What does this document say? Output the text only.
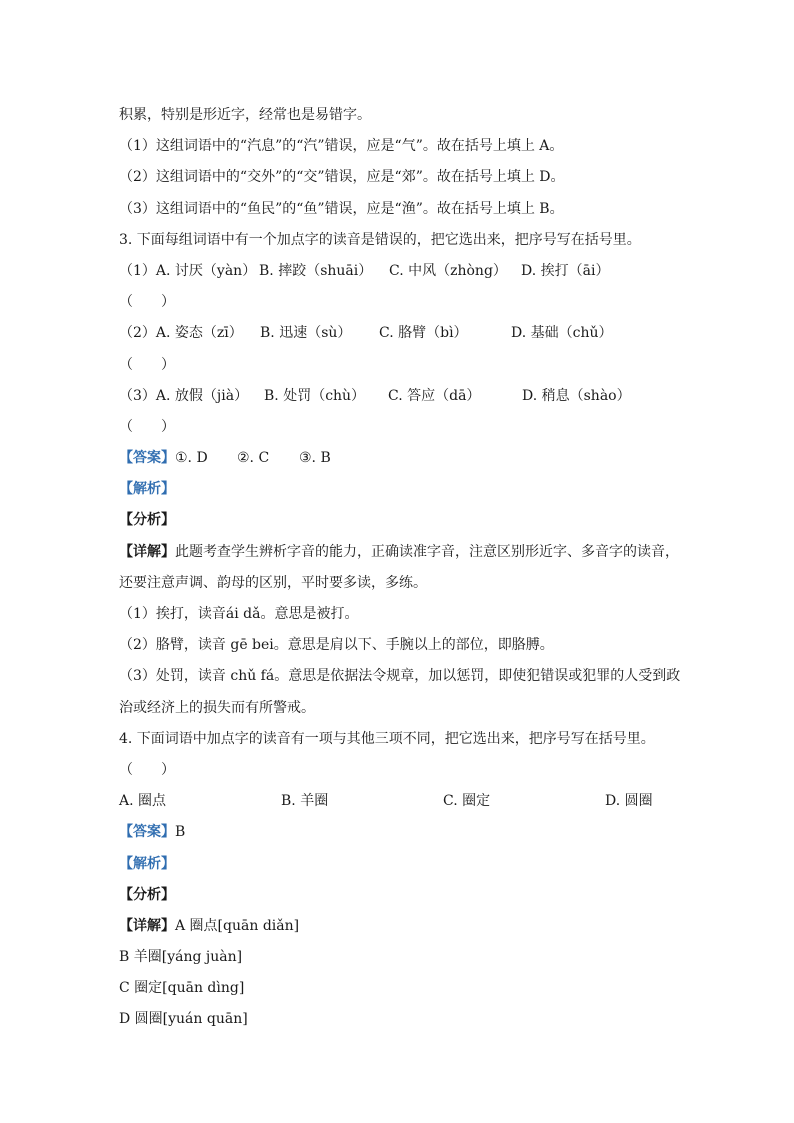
积累，特别是形近字，经常也是易错字。
（1）这组词语中的“汽息”的“汽”错误，应是“气”。故在括号上填上 A。
（2）这组词语中的“交外”的“交”错误，应是“郊”。故在括号上填上 D。
（3）这组词语中的“鱼民”的“鱼”错误，应是“渔”。故在括号上填上 B。
3. 下面每组词语中有一个加点字的读音是错误的，把它选出来，把序号写在括号里。
（1）A. 讨厌（yàn） B. 摔跤（shuāi） C. 中风（zhòng） D. 挨打（āi）
（　　）
（2）A. 姿态（zī） B. 迅速（sù） C. 胳臂（bì）	D. 基础（chǔ）
（　　）
（3）A. 放假（jià） B. 处罚（chù） C. 答应（dā）	D. 稍息（shào）
（　　）
【答案】①. D ②. C ③. B
【解析】
【分析】
【详解】此题考查学生辨析字音的能力，正确读准字音，注意区别形近字、多音字的读音，
还要注意声调、韵母的区别，平时要多读，多练。
（1）挨打，读音ái dǎ。意思是被打。
（2）胳臂，读音 gē bei。意思是肩以下、手腕以上的部位，即胳膊。
（3）处罚，读音 chǔ fá。意思是依据法令规章，加以惩罚，即使犯错误或犯罪的人受到政
治或经济上的损失而有所警戒。
4. 下面词语中加点字的读音有一项与其他三项不同，把它选出来，把序号写在括号里。
（　　）
A. 圈点	B. 羊圈	C. 圈定	D. 圆圈
【答案】B
【解析】
【分析】
【详解】A 圈点[quān diǎn]
B 羊圈[yáng juàn]
C 圈定[quān dìng]
D 圆圈[yuán quān]
